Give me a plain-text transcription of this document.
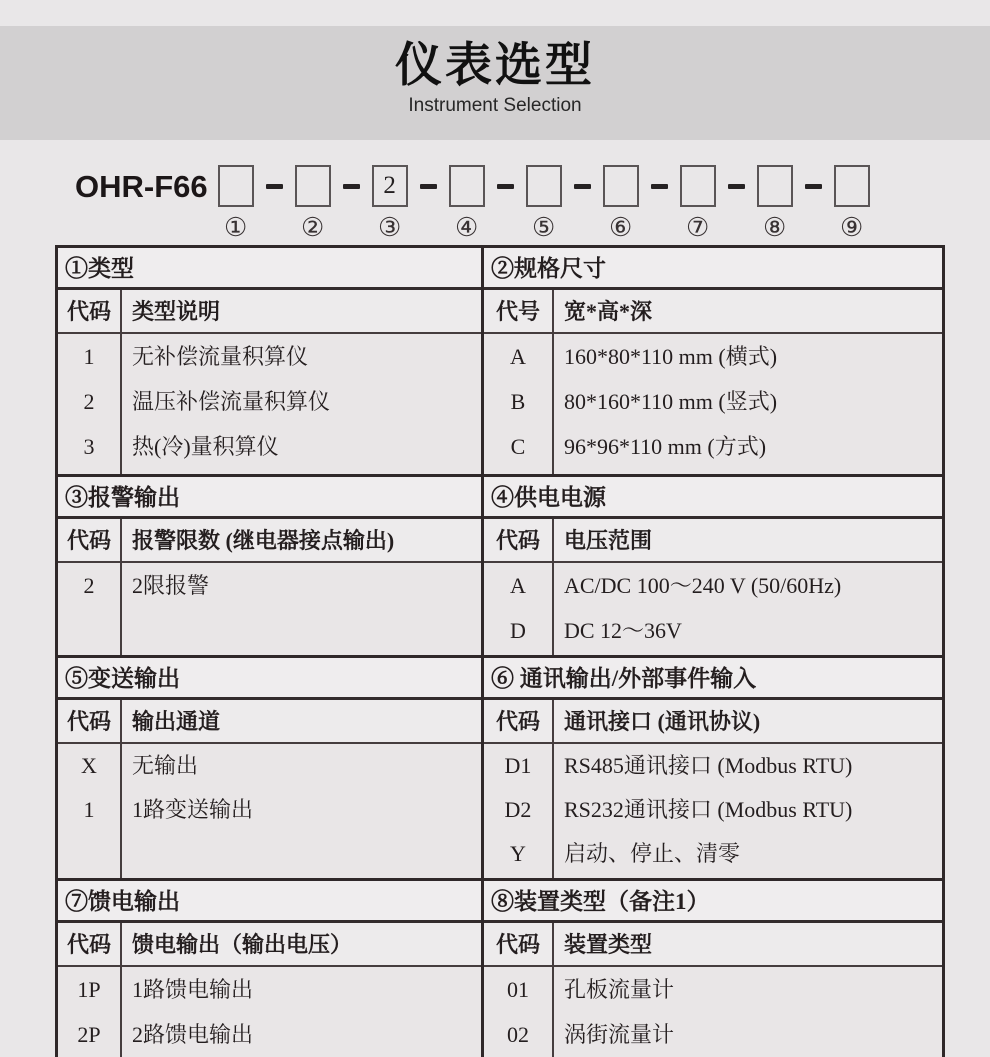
仪表选型
Instrument Selection
OHR-F66
① ②
2
③ ④ ⑤ ⑥ ⑦ ⑧ ⑨
①类型
代码
1
2
3
类型说明
无补偿流量积算仪
温压补偿流量积算仪
热(冷)量积算仪
②规格尺寸
代号
A
B
C
宽*高*深
160*80*110 mm (横式)
80*160*110 mm (竖式)
96*96*110 mm (方式)
③报警输出
代码
2
报警限数 (继电器接点输出)
2限报警
④供电电源
代码
A
D
电压范围
AC/DC 100～240 V (50/60Hz)
DC 12～36V
⑤变送输出
代码
X
1
输出通道
无输出
1路变送输出
⑥ 通讯输出/外部事件输入
代码
D1
D2
Y
通讯接口 (通讯协议)
RS485通讯接口 (Modbus RTU)
RS232通讯接口 (Modbus RTU)
启动、停止、清零
⑦馈电输出
代码
1P
2P
馈电输出（输出电压）
1路馈电输出
2路馈电输出
⑧装置类型（备注1）
代码
01
02
装置类型
孔板流量计
涡街流量计
